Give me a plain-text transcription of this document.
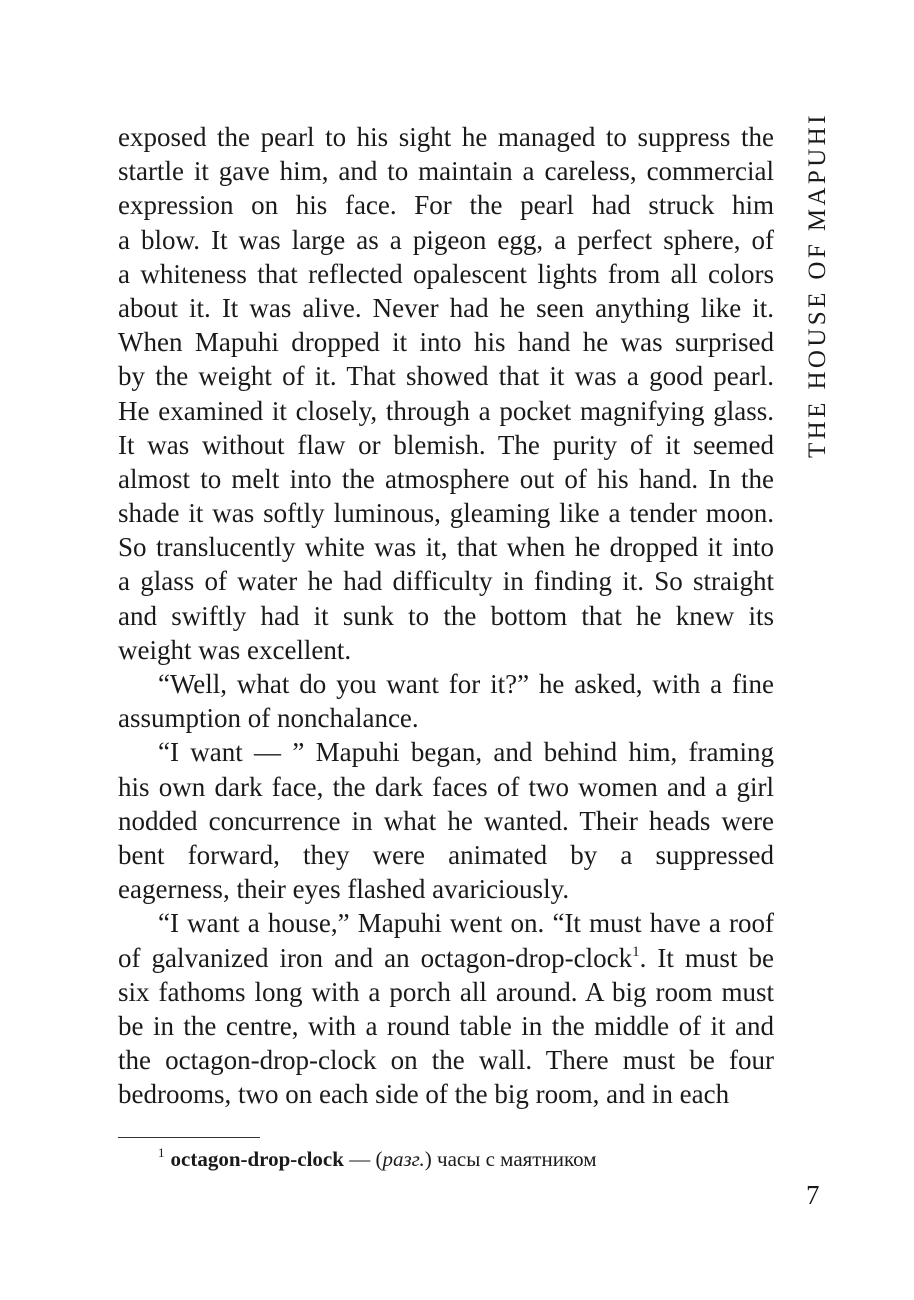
THE HOUSE OF MAPUHI
exposed the pearl to his sight he managed to suppress the
startle it gave him, and to maintain a careless, commercial
expression on his face. For the pearl had struck him
a blow. It was large as a pigeon egg, a perfect sphere, of
a whiteness that reflected opalescent lights from all colors
about it. It was alive. Never had he seen anything like it.
When Mapuhi dropped it into his hand he was surprised
by the weight of it. That showed that it was a good pearl.
He examined it closely, through a pocket magnifying glass.
It was without flaw or blemish. The purity of it seemed
almost to melt into the atmosphere out of his hand. In the
shade it was softly luminous, gleaming like a tender moon.
So translucently white was it, that when he dropped it into
a glass of water he had difficulty in finding it. So straight
and swiftly had it sunk to the bottom that he knew its
weight was excellent.
“Well, what do you want for it?” he asked, with a fine
assumption of nonchalance.
“I want — ” Mapuhi began, and behind him, framing
his own dark face, the dark faces of two women and a girl
nodded concurrence in what he wanted. Their heads were
bent forward, they were animated by a suppressed
eagerness, their eyes flashed avariciously.
“I want a house,” Mapuhi went on. “It must have a roof
of galvanized iron and an octagon-drop-clock$^1$. It must be
six fathoms long with a porch all around. A big room must
be in the centre, with a round table in the middle of it and
the octagon-drop-clock on the wall. There must be four
bedrooms, two on each side of the big room, and in each
$^1$ octagon-drop-clock — (разг.) часы с маятником
7
